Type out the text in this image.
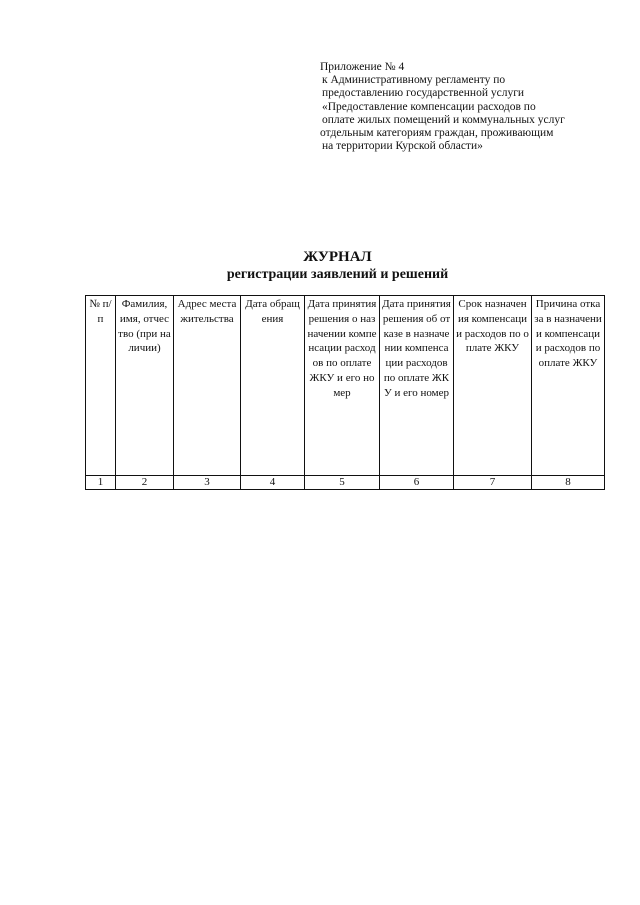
Приложение № 4
к Административному регламенту по
предоставлению государственной услуги
«Предоставление компенсации расходов по
оплате жилых помещений и коммунальных услуг
отдельным категориям граждан, проживающим
на территории Курской области»
ЖУРНАЛ
регистрации заявлений и решений
№ п/п	Фамилия, имя, отчество (при наличии)	Адрес места жительства	Дата обращения	Дата принятия решения о назначении компенсации расходов по оплате ЖКУ и его номер	Дата принятия решения об отказе в назначении компенсации расходов по оплате ЖКУ и его номер	Срок назначения компенсации расходов по оплате ЖКУ	Причина отказа в назначении компенсации расходов по оплате ЖКУ
1	2	3	4	5	6	7	8
